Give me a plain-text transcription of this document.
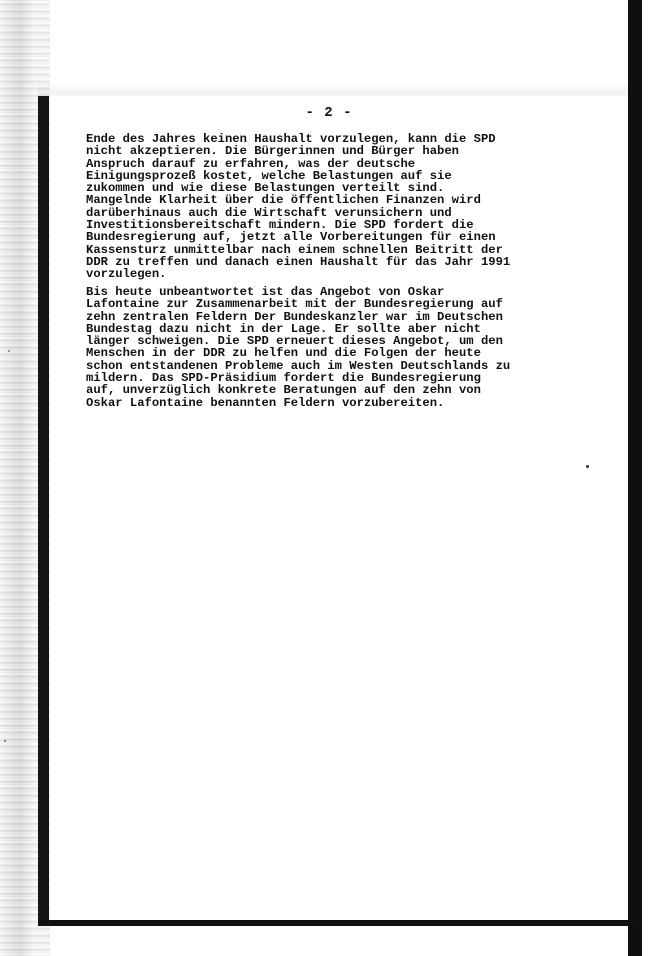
- 2 -

Ende des Jahres keinen Haushalt vorzulegen, kann die SPD
nicht akzeptieren. Die Bürgerinnen und Bürger haben
Anspruch darauf zu erfahren, was der deutsche
Einigungsprozeß kostet, welche Belastungen auf sie
zukommen und wie diese Belastungen verteilt sind.
Mangelnde Klarheit über die öffentlichen Finanzen wird
darüberhinaus auch die Wirtschaft verunsichern und
Investitionsbereitschaft mindern. Die SPD fordert die
Bundesregierung auf, jetzt alle Vorbereitungen für einen
Kassensturz unmittelbar nach einem schnellen Beitritt der
DDR zu treffen und danach einen Haushalt für das Jahr 1991
vorzulegen.

Bis heute unbeantwortet ist das Angebot von Oskar
Lafontaine zur Zusammenarbeit mit der Bundesregierung auf
zehn zentralen Feldern Der Bundeskanzler war im Deutschen
Bundestag dazu nicht in der Lage. Er sollte aber nicht
länger schweigen. Die SPD erneuert dieses Angebot, um den
Menschen in der DDR zu helfen und die Folgen der heute
schon entstandenen Probleme auch im Westen Deutschlands zu
mildern. Das SPD-Präsidium fordert die Bundesregierung
auf, unverzüglich konkrete Beratungen auf den zehn von
Oskar Lafontaine benannten Feldern vorzubereiten.
